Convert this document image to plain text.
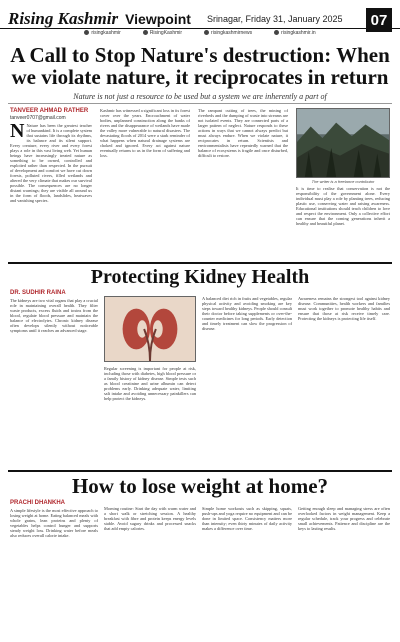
Rising Kashmir Viewpoint Srinagar, Friday 31, January 2025	07
risingkashmir	RisingKashmir	risingkashmirnews	risingkashmir.in
A Call to Stop Nature's destruction: When we violate nature, it reciprocates in return
Nature is not just a resource to be used but a system we are inherently a part of
TANVEER AHMAD RATHER
tanveer0707@gmail.com
N Nature has been the greatest teacher of humankind. It is a complete system that sustains life through its rhythms, its balance and its silent support. Every creature, every river and every forest plays a role in this vast living web. Yet human beings have increasingly treated nature as something to be owned, controlled and exploited rather than respected. In the pursuit of development and comfort we have cut down forests, polluted rivers, filled wetlands and altered the very climate that makes our survival possible. The consequences are no longer distant warnings; they are visible all around us in the form of floods, landslides, heatwaves and vanishing species.
Kashmir has witnessed a significant loss in its forest cover over the years. Encroachment of water bodies, unplanned construction along the banks of rivers and the disappearance of wetlands have made the valley more vulnerable to natural disasters. The devastating floods of 2014 were a stark reminder of what happens when natural drainage systems are choked and ignored. Every act against nature eventually returns to us in the form of suffering and loss.
The rampant cutting of trees, the mining of riverbeds and the dumping of waste into streams are not isolated events. They are connected parts of a larger pattern of neglect. Nature responds to these actions in ways that we cannot always predict but must always endure. When we violate nature, it reciprocates in return. Scientists and environmentalists have repeatedly warned that the balance of ecosystems is fragile and once disturbed, difficult to restore.
The writer is a freelance contributor
It is time to realise that conservation is not the responsibility of the government alone. Every individual must play a role by planting trees, reducing plastic use, conserving water and raising awareness. Educational institutions should teach children to love and respect the environment. Only a collective effort can ensure that the coming generations inherit a healthy and beautiful planet.
Protecting Kidney Health
DR. SUDHIR RAINA
The kidneys are two vital organs that play a crucial role in maintaining overall health. They filter waste products, excess fluids and toxins from the blood, regulate blood pressure and maintain the balance of electrolytes. Chronic kidney disease often develops silently without noticeable symptoms until it reaches an advanced stage.
Regular screening is important for people at risk, including those with diabetes, high blood pressure or a family history of kidney disease. Simple tests such as blood creatinine and urine albumin can detect problems early. Drinking adequate water, limiting salt intake and avoiding unnecessary painkillers can help protect the kidneys.
A balanced diet rich in fruits and vegetables, regular physical activity and avoiding smoking are key steps toward healthy kidneys. People should consult their doctor before taking supplements or over-the-counter medicines for long periods. Early detection and timely treatment can slow the progression of disease.
Awareness remains the strongest tool against kidney disease. Communities, health workers and families must work together to promote healthy habits and ensure that those at risk receive timely care. Protecting the kidneys is protecting life itself.
How to lose weight at home?
PRACHI DHANKHA
A simple lifestyle is the most effective approach to losing weight at home. Eating balanced meals with whole grains, lean proteins and plenty of vegetables helps control hunger and supports steady weight loss. Drinking water before meals also reduces overall calorie intake.
Morning routine: Start the day with warm water and a short walk or stretching session. A healthy breakfast with fibre and protein keeps energy levels stable. Avoid sugary drinks and processed snacks that add empty calories.
Simple home workouts such as skipping, squats, push-ups and yoga require no equipment and can be done in limited space. Consistency matters more than intensity; even thirty minutes of daily activity makes a difference over time.
Getting enough sleep and managing stress are often overlooked factors in weight management. Keep a regular schedule, track your progress and celebrate small achievements. Patience and discipline are the keys to lasting results.
